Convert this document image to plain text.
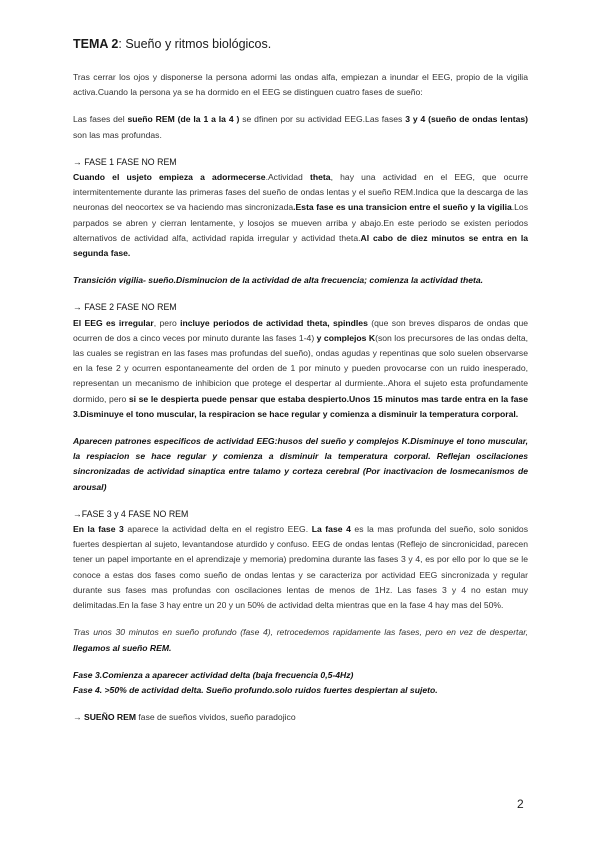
TEMA 2: Sueño y ritmos biológicos.

Tras cerrar los ojos y disponerse la persona adormi las ondas alfa, empiezan a inundar el EEG, propio de la vigilia activa.Cuando la persona ya se ha dormido en el EEG se distinguen cuatro fases de sueño:

Las fases del sueño REM (de la 1 a la 4 ) se dfinen por su actividad EEG.Las fases 3 y 4 (sueño de ondas lentas) son las mas profundas.

→ FASE 1 FASE NO REM

Cuando el usjeto empieza a adormecerse.Actividad theta, hay una actividad en el EEG, que ocurre intermitentemente durante las primeras fases del sueño de ondas lentas y el sueño REM.Indica que la descarga de las neuronas del neocortex se va haciendo mas sincronizada.Esta fase es una transicion entre el sueño y la vigilia.Los parpados se abren y cierran lentamente, y losojos se mueven arriba y abajo.En este periodo se existen periodos alternativos de actividad alfa, actividad rapida irregular y actividad theta.Al cabo de diez minutos se entra en la segunda fase.

Transición vigilia- sueño.Disminucion de la actividad de alta frecuencia; comienza la actividad theta.

→ FASE 2 FASE NO REM

El EEG es irregular, pero incluye periodos de actividad theta, spindles (que son breves disparos de ondas que ocurren de dos a cinco veces por minuto durante las fases 1-4) y complejos K(son los precursores de las ondas delta, las cuales se registran en las fases mas profundas del sueño), ondas agudas y repentinas que solo suelen observarse en la fese 2 y ocurren espontaneamente del orden de 1 por minuto y pueden provocarse con un ruido inesperado, representan un mecanismo de inhibicion que protege el despertar al durmiente..Ahora el sujeto esta profundamente dormido, pero si se le despierta puede pensar que estaba despierto.Unos 15 minutos mas tarde entra en la fase 3.Disminuye el tono muscular, la respiracion se hace regular y comienza a disminuir la temperatura corporal.

Aparecen patrones especificos de actividad EEG:husos del sueño y complejos K.Disminuye el tono muscular, la respiacion se hace regular y comienza a disminuir la temperatura corporal. Reflejan oscilaciones sincronizadas de actividad sinaptica entre talamo y corteza cerebral (Por inactivacion de losmecanismos de arousal)

→FASE 3 y 4 FASE NO REM

En la fase 3 aparece la actividad delta en el registro EEG. La fase 4 es la mas profunda del sueño, solo sonidos fuertes despiertan al sujeto, levantandose aturdido y confuso. EEG de ondas lentas (Reflejo de sincronicidad, parecen tener un papel importante en el aprendizaje y memoria) predomina durante las fases 3 y 4, es por ello por lo que se le conoce a estas dos fases como sueño de ondas lentas y se caracteriza por actividad EEG sincronizada y regular durante sus fases mas profundas con oscilaciones lentas de menos de 1Hz. Las fases 3 y 4 no estan muy delimitadas.En la fase 3 hay entre un 20 y un 50% de actividad delta mientras que en la fase 4 hay mas del 50%.

Tras unos 30 minutos en sueño profundo (fase 4), retrocedemos rapidamente las fases, pero en vez de despertar, llegamos al sueño REM.

Fase 3.Comienza a aparecer actividad delta (baja frecuencia 0,5-4Hz)
Fase 4. >50% de actividad delta. Sueño profundo.solo ruidos fuertes despiertan al sujeto.

→ SUEÑO REM fase de sueños vividos, sueño paradojico

2
